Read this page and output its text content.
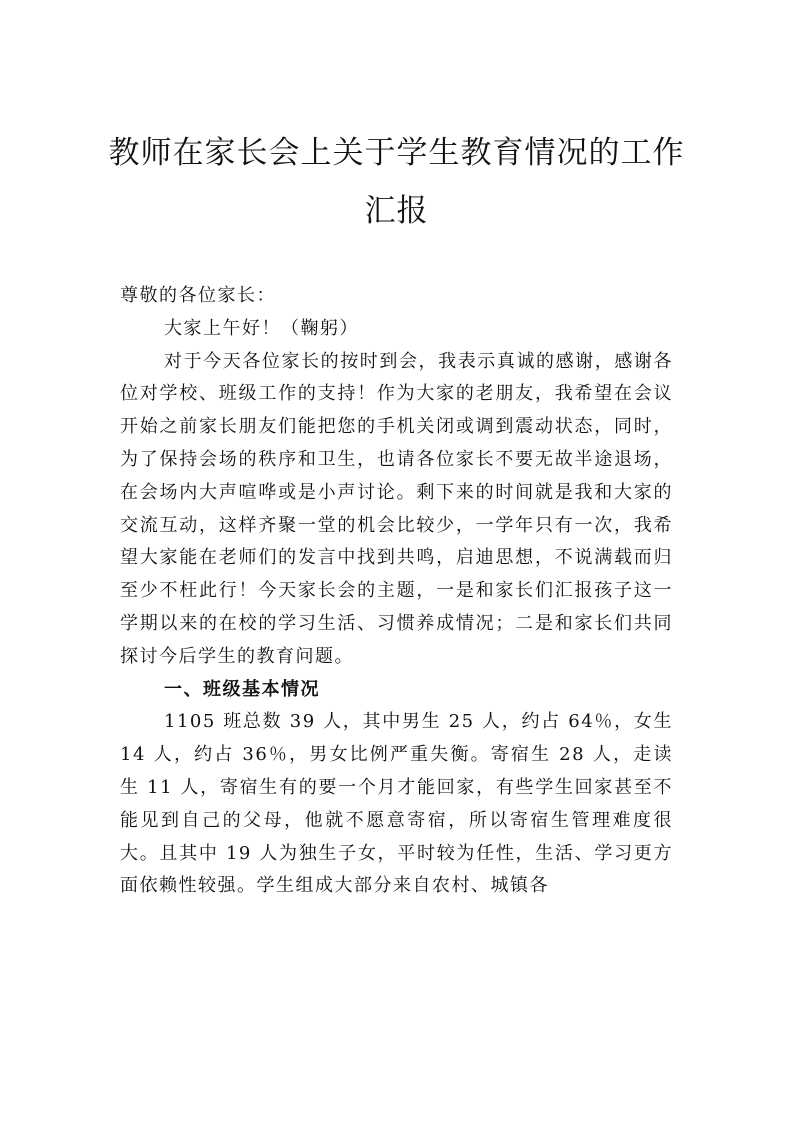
教师在家长会上关于学生教育情况的工作
汇报

尊敬的各位家长：

大家上午好！（鞠躬）

对于今天各位家长的按时到会，我表示真诚的感谢，感谢各位对学校、班级工作的支持！作为大家的老朋友，我希望在会议开始之前家长朋友们能把您的手机关闭或调到震动状态，同时，为了保持会场的秩序和卫生，也请各位家长不要无故半途退场，在会场内大声喧哗或是小声讨论。剩下来的时间就是我和大家的交流互动，这样齐聚一堂的机会比较少，一学年只有一次，我希望大家能在老师们的发言中找到共鸣，启迪思想，不说满载而归至少不枉此行！今天家长会的主题，一是和家长们汇报孩子这一学期以来的在校的学习生活、习惯养成情况；二是和家长们共同探讨今后学生的教育问题。

一、班级基本情况

1105 班总数 39 人，其中男生 25 人，约占 64％，女生 14 人，约占 36％，男女比例严重失衡。寄宿生 28 人，走读生 11 人，寄宿生有的要一个月才能回家，有些学生回家甚至不能见到自己的父母，他就不愿意寄宿，所以寄宿生管理难度很大。且其中 19 人为独生子女，平时较为任性，生活、学习更方面依赖性较强。学生组成大部分来自农村、城镇各
